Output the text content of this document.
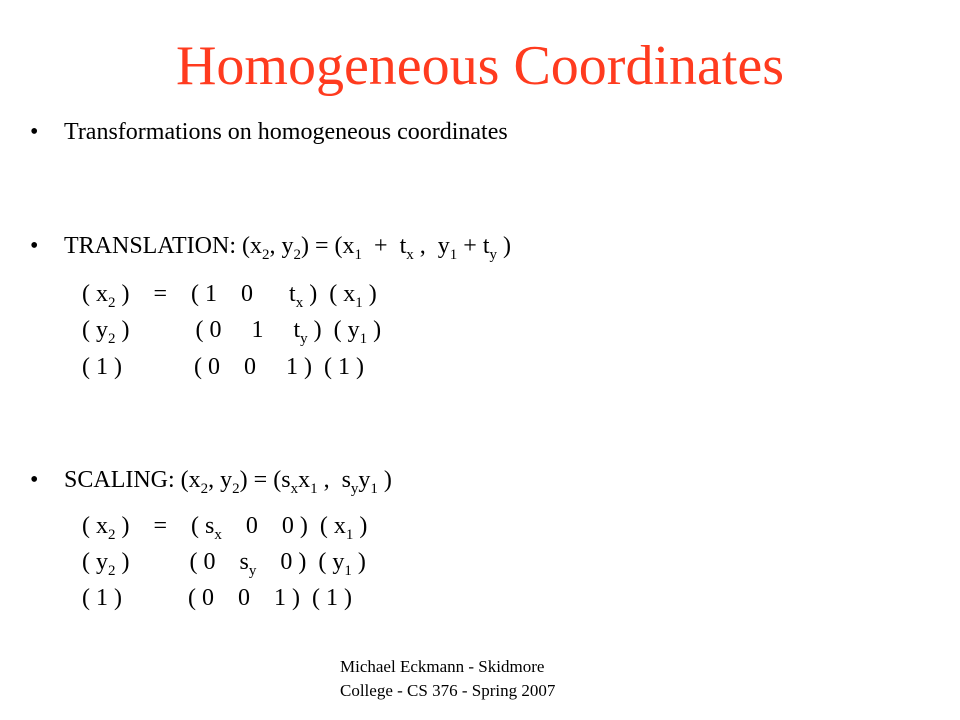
Homogeneous Coordinates
• Transformations on homogeneous coordinates
• TRANSLATION: ($x_2$, $y_2) = (x_1 + t_x$ , $y_1 + t_y$ )
( $x_2$ ) = ( 1 0 $t_x$ ) ( $x_1$ )
( $y_2$ )	( 0 1 $t_y$ ) ( $y_1$ )
( 1 )	( 0 0 1 ) ( 1 )
• SCALING: ($x_2$, $y_2) = (s_xx_1$ , $s_yy_1$ )
( $x_2$ ) = ( $s_x$ 0 0 ) ( $x_1$ )
( $y_2$ )	( 0 $s_y$ 0 ) ( $y_1$ )
( 1 )	( 0 0 1 ) ( 1 )
Michael Eckmann - Skidmore
College - CS 376 - Spring 2007
